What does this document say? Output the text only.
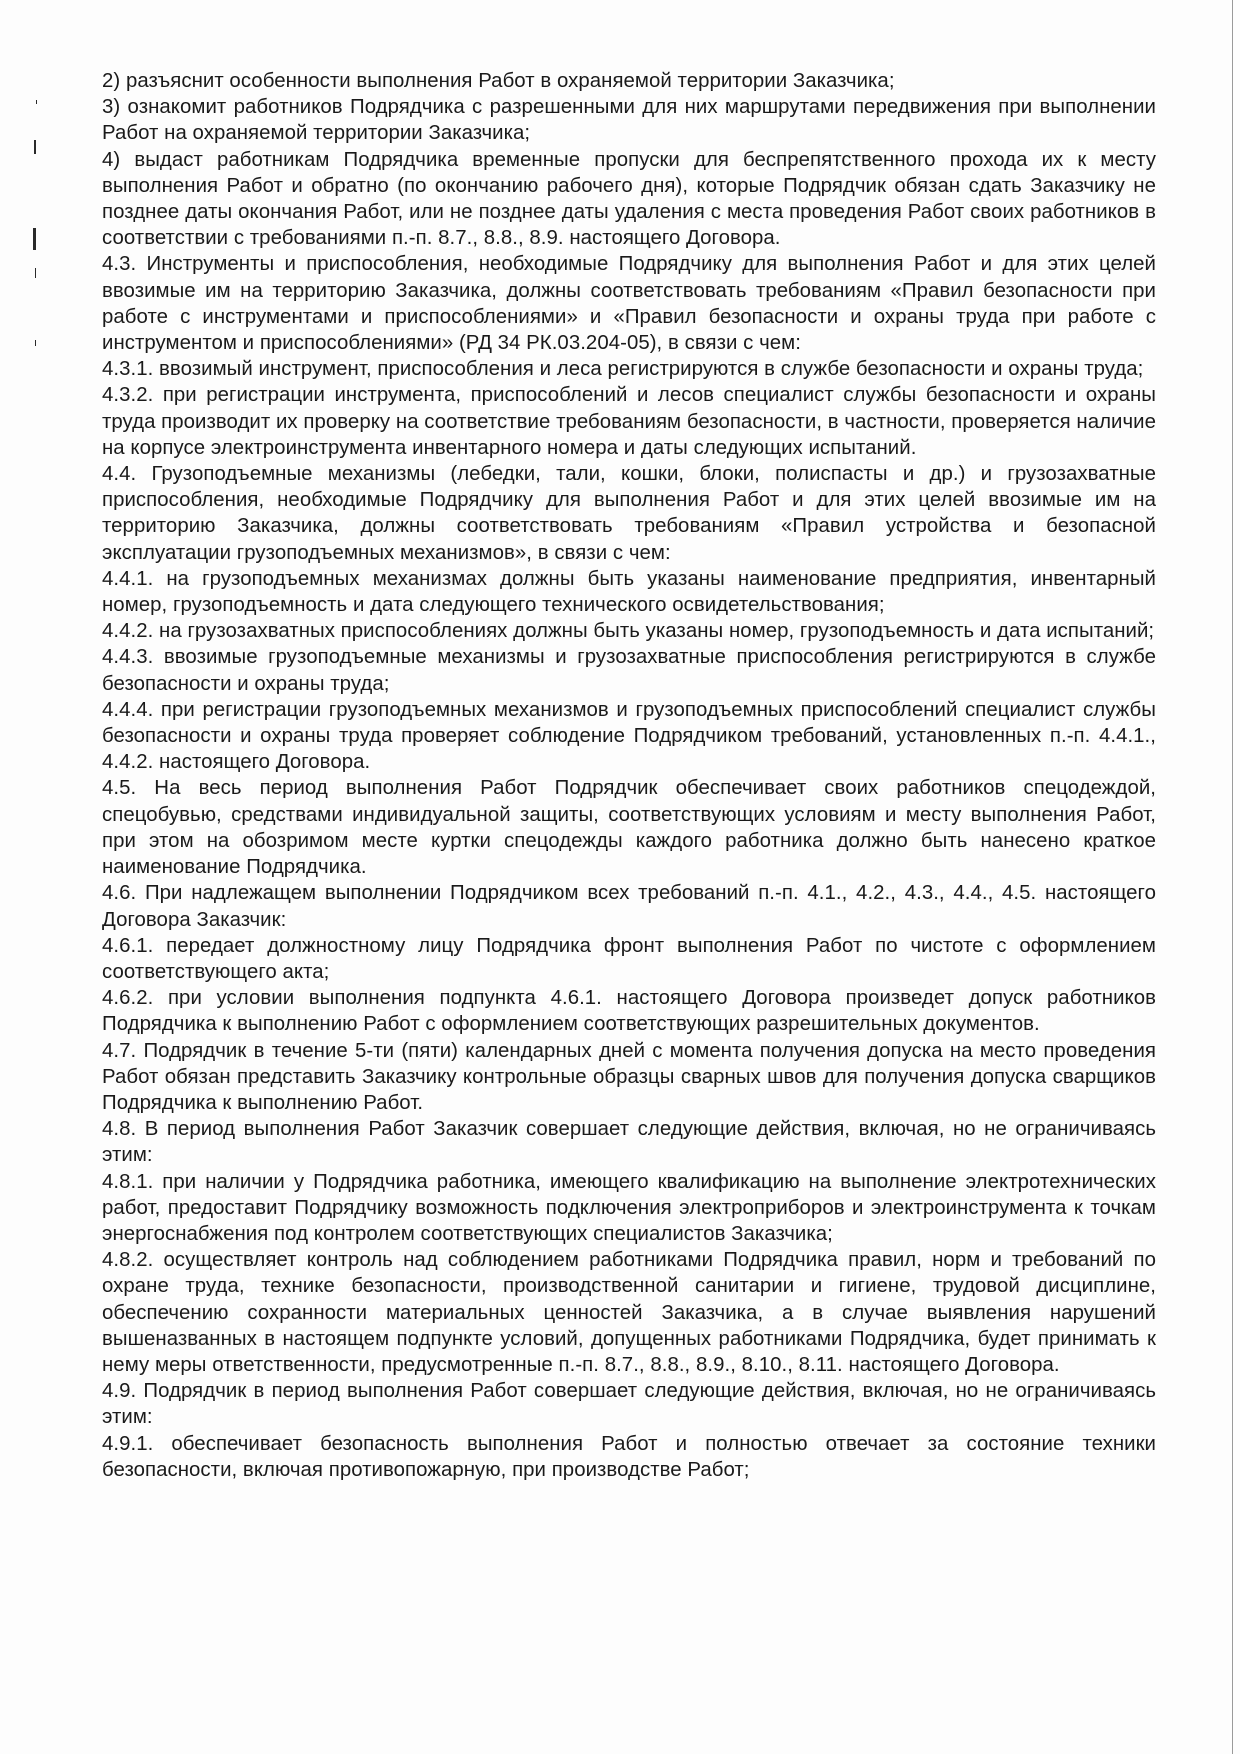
2) разъяснит особенности выполнения Работ в охраняемой территории Заказчика;

3) ознакомит работников Подрядчика с разрешенными для них маршрутами передвижения при выполнении Работ на охраняемой территории Заказчика;

4) выдаст работникам Подрядчика временные пропуски для беспрепятственного прохода их к месту выполнения Работ и обратно (по окончанию рабочего дня), которые Подрядчик обязан сдать Заказчику не позднее даты окончания Работ, или не позднее даты удаления с места проведения Работ своих работников в соответствии с требованиями п.-п. 8.7., 8.8., 8.9. настоящего Договора.

4.3. Инструменты и приспособления, необходимые Подрядчику для выполнения Работ и для этих целей ввозимые им на территорию Заказчика, должны соответствовать требованиям «Правил безопасности при работе с инструментами и приспособлениями» и «Правил безопасности и охраны труда при работе с инструментом и приспособлениями» (РД 34 РК.03.204-05), в связи с чем:

4.3.1. ввозимый инструмент, приспособления и леса регистрируются в службе безопасности и охраны труда;

4.3.2. при регистрации инструмента, приспособлений и лесов специалист службы безопасности и охраны труда производит их проверку на соответствие требованиям безопасности, в частности, проверяется наличие на корпусе электроинструмента инвентарного номера и даты следующих испытаний.

4.4. Грузоподъемные механизмы (лебедки, тали, кошки, блоки, полиспасты и др.) и грузозахватные приспособления, необходимые Подрядчику для выполнения Работ и для этих целей ввозимые им на территорию Заказчика, должны соответствовать требованиям «Правил устройства и безопасной эксплуатации грузоподъемных механизмов», в связи с чем:

4.4.1. на грузоподъемных механизмах должны быть указаны наименование предприятия, инвентарный номер, грузоподъемность и дата следующего технического освидетельствования;

4.4.2. на грузозахватных приспособлениях должны быть указаны номер, грузоподъемность и дата испытаний;

4.4.3. ввозимые грузоподъемные механизмы и грузозахватные приспособления регистрируются в службе безопасности и охраны труда;

4.4.4. при регистрации грузоподъемных механизмов и грузоподъемных приспособлений специалист службы безопасности и охраны труда проверяет соблюдение Подрядчиком требований, установленных п.-п. 4.4.1., 4.4.2. настоящего Договора.

4.5. На весь период выполнения Работ Подрядчик обеспечивает своих работников спецодеждой, спецобувью, средствами индивидуальной защиты, соответствующих условиям и месту выполнения Работ, при этом на обозримом месте куртки спецодежды каждого работника должно быть нанесено краткое наименование Подрядчика.

4.6. При надлежащем выполнении Подрядчиком всех требований п.-п. 4.1., 4.2., 4.3., 4.4., 4.5. настоящего Договора Заказчик:

4.6.1. передает должностному лицу Подрядчика фронт выполнения Работ по чистоте с оформлением соответствующего акта;

4.6.2. при условии выполнения подпункта 4.6.1. настоящего Договора произведет допуск работников Подрядчика к выполнению Работ с оформлением соответствующих разрешительных документов.

4.7. Подрядчик в течение 5-ти (пяти) календарных дней с момента получения допуска на место проведения Работ обязан представить Заказчику контрольные образцы сварных швов для получения допуска сварщиков Подрядчика к выполнению Работ.

4.8. В период выполнения Работ Заказчик совершает следующие действия, включая, но не ограничиваясь этим:

4.8.1. при наличии у Подрядчика работника, имеющего квалификацию на выполнение электротехнических работ, предоставит Подрядчику возможность подключения электроприборов и электроинструмента к точкам энергоснабжения под контролем соответствующих специалистов Заказчика;

4.8.2. осуществляет контроль над соблюдением работниками Подрядчика правил, норм и требований по охране труда, технике безопасности, производственной санитарии и гигиене, трудовой дисциплине, обеспечению сохранности материальных ценностей Заказчика, а в случае выявления нарушений вышеназванных в настоящем подпункте условий, допущенных работниками Подрядчика, будет принимать к нему меры ответственности, предусмотренные п.-п. 8.7., 8.8., 8.9., 8.10., 8.11. настоящего Договора.

4.9. Подрядчик в период выполнения Работ совершает следующие действия, включая, но не ограничиваясь этим:

4.9.1. обеспечивает безопасность выполнения Работ и полностью отвечает за состояние техники безопасности, включая противопожарную, при производстве Работ;
